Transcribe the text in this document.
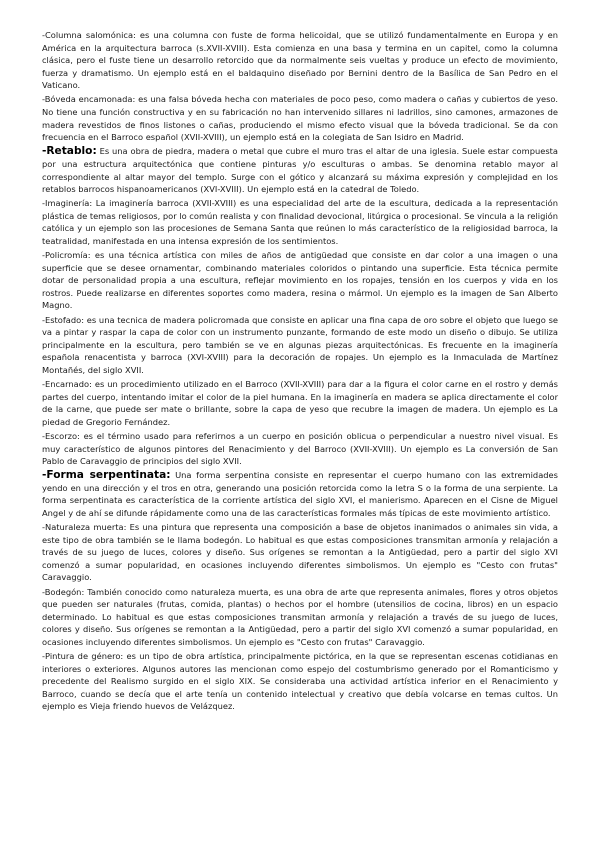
-Columna salomónica: es una columna con fuste de forma helicoidal, que se utilizó fundamentalmente en Europa y en América en la arquitectura barroca (s.XVII-XVIII). Esta comienza en una basa y termina en un capitel, como la columna clásica, pero el fuste tiene un desarrollo retorcido que da normalmente seis vueltas y produce un efecto de movimiento, fuerza y dramatismo. Un ejemplo está en el baldaquino diseñado por Bernini dentro de la Basílica de San Pedro en el Vaticano.

-Bóveda encamonada: es una falsa bóveda hecha con materiales de poco peso, como madera o cañas y cubiertos de yeso. No tiene una función constructiva y en su fabricación no han intervenido sillares ni ladrillos, sino camones, armazones de madera revestidos de finos listones o cañas, produciendo el mismo efecto visual que la bóveda tradicional. Se da con frecuencia en el Barroco español (XVII-XVIII), un ejemplo está en la colegiata de San Isidro en Madrid.

-Retablo: Es una obra de piedra, madera o metal que cubre el muro tras el altar de una iglesia. Suele estar compuesta por una estructura arquitectónica que contiene pinturas y/o esculturas o ambas. Se denomina retablo mayor al correspondiente al altar mayor del templo. Surge con el gótico y alcanzará su máxima expresión y complejidad en los retablos barrocos hispanoamericanos (XVI-XVIII). Un ejemplo está en la catedral de Toledo.

-Imaginería: La imaginería barroca (XVII-XVIII) es una especialidad del arte de la escultura, dedicada a la representación plástica de temas religiosos, por lo común realista y con finalidad devocional, litúrgica o procesional. Se vincula a la religión católica y un ejemplo son las procesiones de Semana Santa que reúnen lo más característico de la religiosidad barroca, la teatralidad, manifestada en una intensa expresión de los sentimientos.

-Policromía: es una técnica artística con miles de años de antigüedad que consiste en dar color a una imagen o una superficie que se desee ornamentar, combinando materiales coloridos o pintando una superficie. Esta técnica permite dotar de personalidad propia a una escultura, reflejar movimiento en los ropajes, tensión en los cuerpos y vida en los rostros. Puede realizarse en diferentes soportes como madera, resina o mármol. Un ejemplo es la imagen de San Alberto Magno.

-Estofado: es una tecnica de madera policromada que consiste en aplicar una fina capa de oro sobre el objeto que luego se va a pintar y raspar la capa de color con un instrumento punzante, formando de este modo un diseño o dibujo. Se utiliza principalmente en la escultura, pero también se ve en algunas piezas arquitectónicas. Es frecuente en la imaginería española renacentista y barroca (XVI-XVIII) para la decoración de ropajes. Un ejemplo es la Inmaculada de Martínez Montañés, del siglo XVII.

-Encarnado: es un procedimiento utilizado en el Barroco (XVII-XVIII) para dar a la figura el color carne en el rostro y demás partes del cuerpo, intentando imitar el color de la piel humana. En la imaginería en madera se aplica directamente el color de la carne, que puede ser mate o brillante, sobre la capa de yeso que recubre la imagen de madera. Un ejemplo es La piedad de Gregorio Fernández.

-Escorzo: es el término usado para referirnos a un cuerpo en posición oblicua o perpendicular a nuestro nivel visual. Es muy característico de algunos pintores del Renacimiento y del Barroco (XVII-XVIII). Un ejemplo es La conversión de San Pablo de Caravaggio de principios del siglo XVII.

-Forma serpentinata: Una forma serpentina consiste en representar el cuerpo humano con las extremidades yendo en una dirección y el tros en otra, generando una posición retorcida como la letra S o la forma de una serpiente. La forma serpentinata es característica de la corriente artística del siglo XVI, el manierismo. Aparecen en el Cisne de Miguel Angel y de ahí se difunde rápidamente como una de las características formales más típicas de este movimiento artístico.

-Naturaleza muerta: Es una pintura que representa una composición a base de objetos inanimados o animales sin vida, a este tipo de obra también se le llama bodegón. Lo habitual es que estas composiciones transmitan armonía y relajación a través de su juego de luces, colores y diseño. Sus orígenes se remontan a la Antigüedad, pero a partir del siglo XVI comenzó a sumar popularidad, en ocasiones incluyendo diferentes simbolismos. Un ejemplo es "Cesto con frutas" Caravaggio.

-Bodegón: También conocido como naturaleza muerta, es una obra de arte que representa animales, flores y otros objetos que pueden ser naturales (frutas, comida, plantas) o hechos por el hombre (utensilios de cocina, libros) en un espacio determinado. Lo habitual es que estas composiciones transmitan armonía y relajación a través de su juego de luces, colores y diseño. Sus orígenes se remontan a la Antigüedad, pero a partir del siglo XVI comenzó a sumar popularidad, en ocasiones incluyendo diferentes simbolismos. Un ejemplo es "Cesto con frutas" Caravaggio.

-Pintura de género: es un tipo de obra artística, principalmente pictórica, en la que se representan escenas cotidianas en interiores o exteriores. Algunos autores las mencionan como espejo del costumbrismo generado por el Romanticismo y precedente del Realismo surgido en el siglo XIX. Se consideraba una actividad artística inferior en el Renacimiento y Barroco, cuando se decía que el arte tenía un contenido intelectual y creativo que debía volcarse en temas cultos. Un ejemplo es Vieja friendo huevos de Velázquez.
